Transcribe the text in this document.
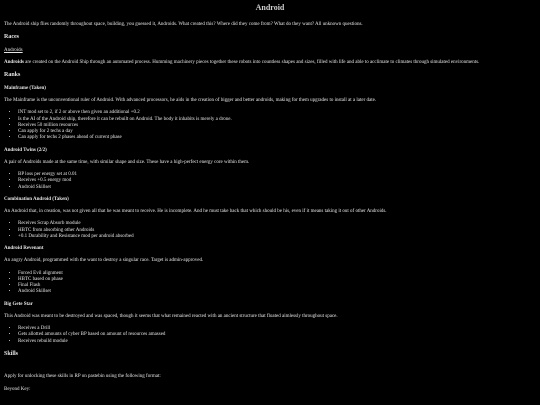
Android

The Android ship flies randomly throughout space, building, you guessed it, Androids. What created this? Where did they come from? What do they want? All unknown questions.

Races

Androids

Androids are created on the Android Ship through an automated process. Humming machinery pieces together these robots into countless shapes and sizes, filled with life and able to acclimate to climates through simulated environments.

Ranks
Mainframe (Taken)

The Mainframe is the unconventional ruler of Android. With advanced processors, he aids in the creation of bigger and better androids, making for them upgrades to install at a later date.

• INT mod set to 2, if 2 or above then given an additional +0.2
• Is the AI of the Android ship, therefore it can be rebuilt on Android. The body it inhabits is merely a drone.
• Receives 50 million resources
• Can apply for 2 techs a day
• Can apply for techs 2 phases ahead of current phase
Android Twins (2/2)

A pair of Androids made at the same time, with similar shape and size. These have a high-perfect energy core within them.

• BP loss per energy set at 0.01
• Receives +0.5 energy mod
• Android Skillset
Combination Android (Taken)

An Android that, in creation, was not given all that he was meant to receive. He is incomplete. And he must take back that which should be his, even if it means taking it out of other Androids.

• Receives Scrap Absorb module
• HBTC from absorbing other Androids
• +0.1 Durability and Resistance mod per android absorbed
Android Revenant

An angry Android, programmed with the want to destroy a singular race. Target is admin-approved.

• Forced Evil alignment
• HBTC based on phase
• Final Flash
• Android Skillset
Big Gete Star

This Android was meant to be destroyed and was spaced, though it seems that what remained reacted with an ancient structure that floated aimlessly throughout space.

• Receives a Drill
• Gets allotted amounts of cyber BP based on amount of resources amassed
• Receives rebuild module
Skills

Apply for unlocking these skills in RP on pastebin using the following format:

Beyond Key:
